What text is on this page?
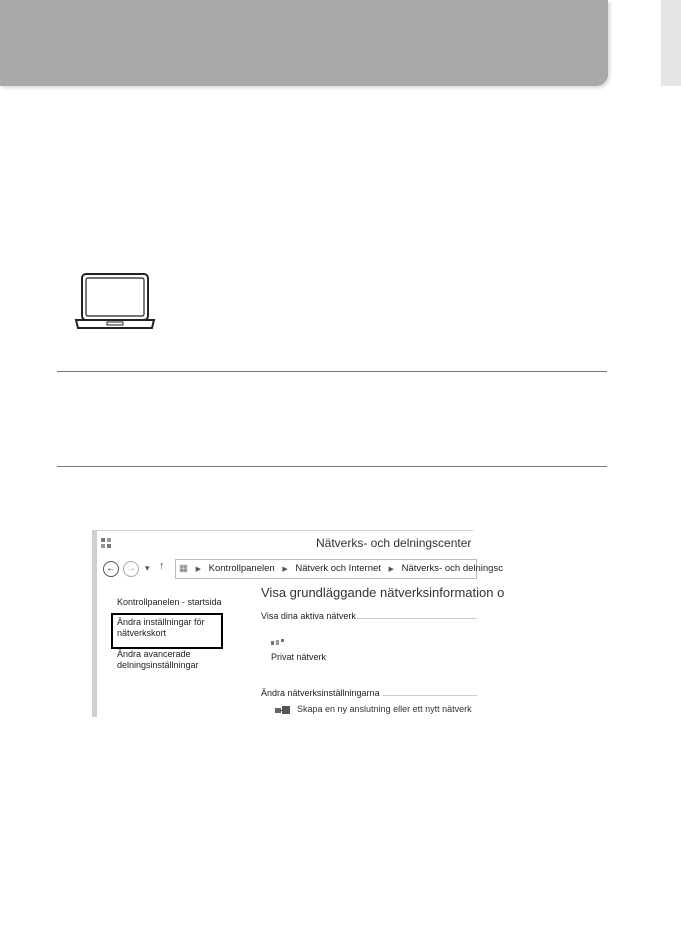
Nätverks- och delningscenter
←	→	▾ ↑	▦ ▶ Kontrollpanelen ▶ Nätverk och Internet ▶ Nätverks- och delningsc
Kontrollpanelen - startsida
Ändra inställningar för
nätverkskort
Ändra avancerade
delningsinställningar
Visa grundläggande nätverksinformation o
Visa dina aktiva nätverk
Privat nätverk
Ändra nätverksinställningarna
Skapa en ny anslutning eller ett nytt nätverk
